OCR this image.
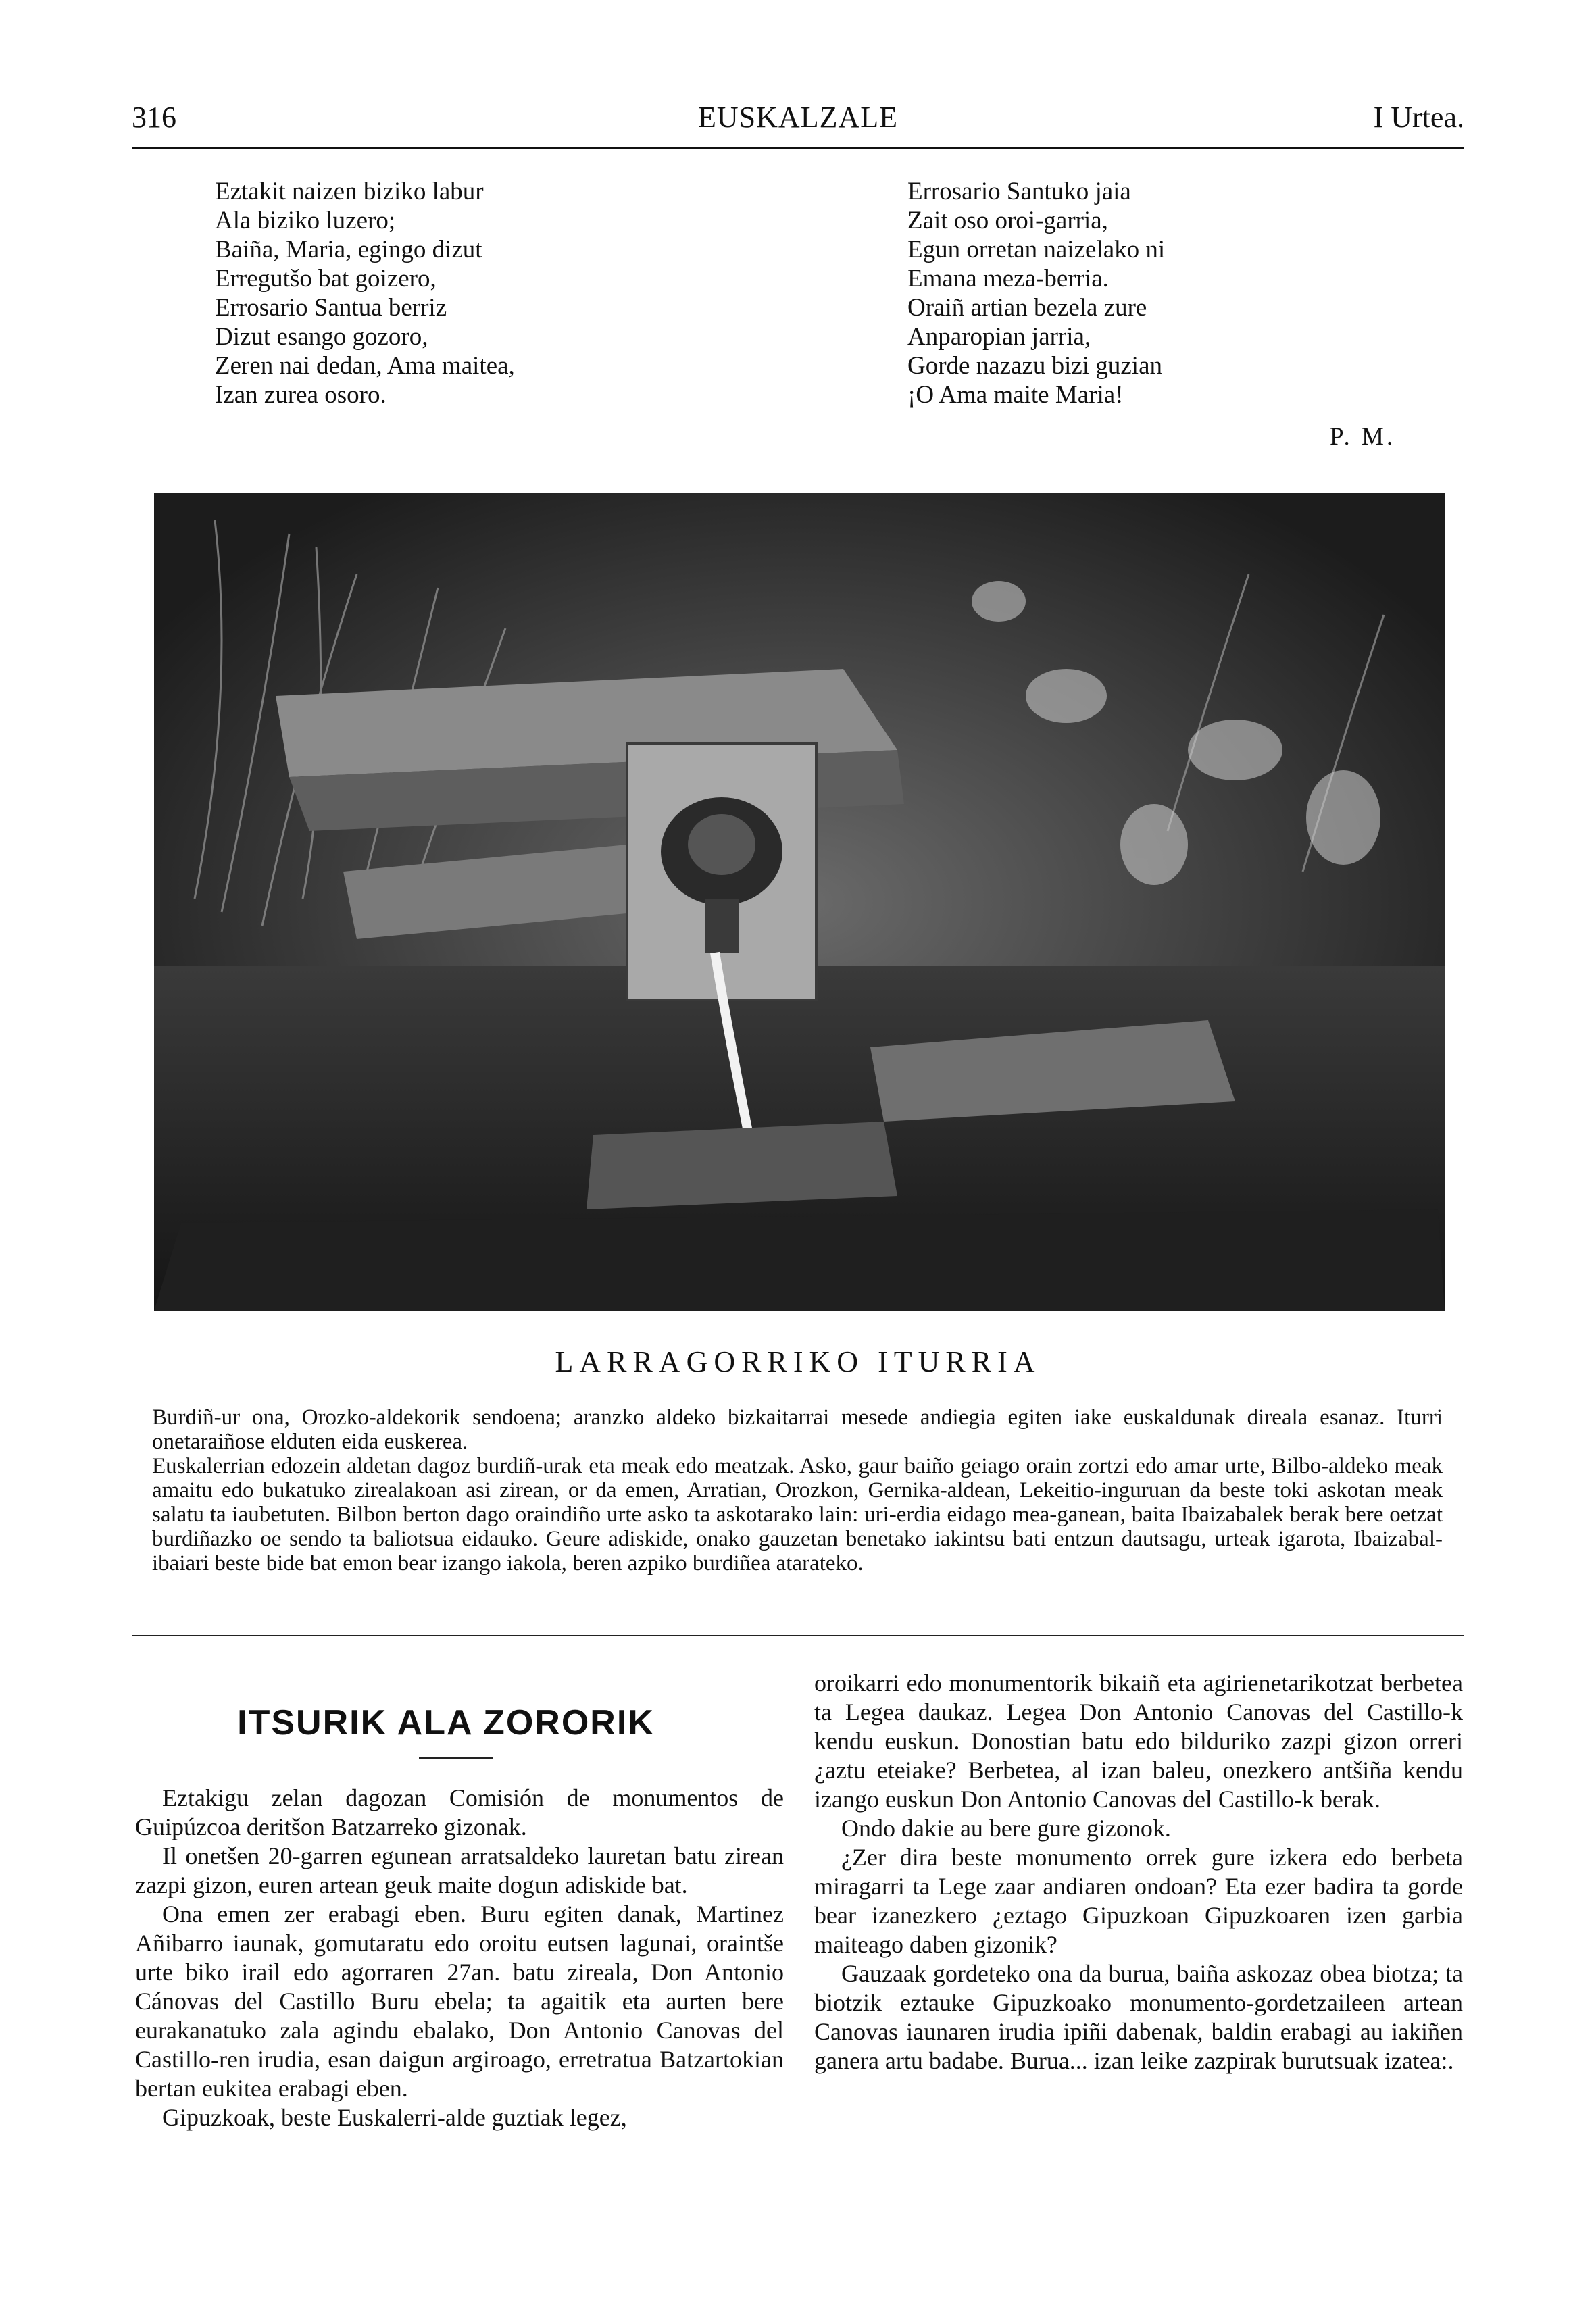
316	EUSKALZALE	I Urtea.
Eztakit naizen biziko labur
Ala biziko luzero;
Baiña, Maria, egingo dizut
Erregutšo bat goizero,
Errosario Santua berriz
Dizut esango gozoro,
Zeren nai dedan, Ama maitea,
Izan zurea osoro.
Errosario Santuko jaia
Zait oso oroi-garria,
Egun orretan naizelako ni
Emana meza-berria.
Oraiñ artian bezela zure
Anparopian jarria,
Gorde nazazu bizi guzian
¡O Ama maite Maria!
P. M.
LARRAGORRIKO ITURRIA

Burdiñ-ur ona, Orozko-aldekorik sendoena; aranzko aldeko bizkaitarrai mesede andiegia egiten iake euskaldunak direala esanaz. Iturri onetaraiñose elduten eida euskerea.

Euskalerrian edozein aldetan dagoz burdiñ-urak eta meak edo meatzak. Asko, gaur baiño geiago orain zortzi edo amar urte, Bilbo-aldeko meak amaitu edo bukatuko zirealakoan asi zirean, or da emen, Arratian, Orozkon, Gernika-aldean, Lekeitio-inguruan da beste toki askotan meak salatu ta iaubetuten. Bilbon berton dago oraindiño urte asko ta askotarako lain: uri-erdia eidago mea-ganean, baita Ibaizabalek berak bere oetzat burdiñazko oe sendo ta baliotsua eidauko. Geure adiskide, onako gauzetan benetako iakintsu bati entzun dautsagu, urteak igarota, Ibaizabal-ibaiari beste bide bat emon bear izango iakola, beren azpiko burdiñea atarateko.

ITSURIK ALA ZORORIK

Eztakigu zelan dagozan Comisión de monumentos de Guipúzcoa deritšon Batzarreko gizonak.

Il onetšen 20-garren egunean arratsaldeko lauretan batu zirean zazpi gizon, euren artean geuk maite dogun adiskide bat.

Ona emen zer erabagi eben. Buru egiten danak, Martinez Añibarro iaunak, gomutaratu edo oroitu eutsen lagunai, oraintše urte biko irail edo agorraren 27an. batu zireala, Don Antonio Cánovas del Castillo Buru ebela; ta agaitik eta aurten bere eurakanatuko zala agindu ebalako, Don Antonio Canovas del Castillo-ren irudia, esan daigun argiroago, erretratua Batzartokian bertan eukitea erabagi eben.

Gipuzkoak, beste Euskalerri-alde guztiak legez,

oroikarri edo monumentorik bikaiñ eta agirienetarikotzat berbetea ta Legea daukaz. Legea Don Antonio Canovas del Castillo-k kendu euskun. Donostian batu edo bilduriko zazpi gizon orreri ¿aztu eteiake? Berbetea, al izan baleu, onezkero antšiña kendu izango euskun Don Antonio Canovas del Castillo-k berak.

Ondo dakie au bere gure gizonok.

¿Zer dira beste monumento orrek gure izkera edo berbeta miragarri ta Lege zaar andiaren ondoan? Eta ezer badira ta gorde bear izanezkero ¿eztago Gipuzkoan Gipuzkoaren izen garbia maiteago daben gizonik?

Gauzaak gordeteko ona da burua, baiña askozaz obea biotza; ta biotzik eztauke Gipuzkoako monumento-gordetzaileen artean Canovas iaunaren irudia ipiñi dabenak, baldin erabagi au iakiñen ganera artu badabe. Burua... izan leike zazpirak burutsuak izatea:.
